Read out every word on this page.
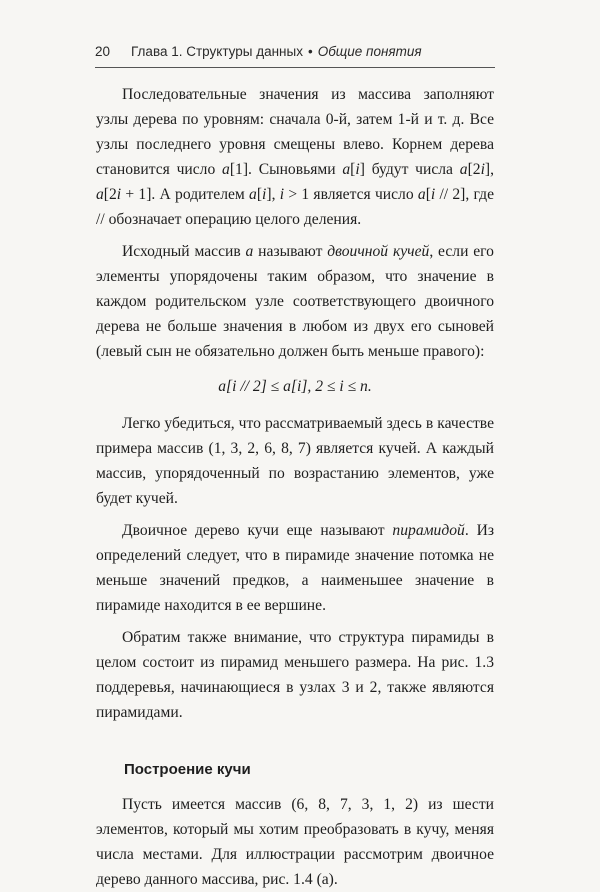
20	Глава 1. Структуры данных • Общие понятия

Последовательные значения из массива заполняют узлы дерева по уровням: сначала 0-й, затем 1-й и т. д. Все узлы последнего уровня смещены влево. Корнем дерева становится число a[1]. Сыновьями a[i] будут числа a[2i], a[2i + 1]. А родителем a[i], i > 1 является число a[i // 2], где // обозначает операцию целого деления.

Исходный массив a называют двоичной кучей, если его элементы упорядочены таким образом, что значение в каждом родительском узле соответствующего двоичного дерева не больше значения в любом из двух его сыновей (левый сын не обязательно должен быть меньше правого):

a[i // 2] ≤ a[i], 2 ≤ i ≤ n.

Легко убедиться, что рассматриваемый здесь в качестве примера массив (1, 3, 2, 6, 8, 7) является кучей. А каждый массив, упорядоченный по возрастанию элементов, уже будет кучей.

Двоичное дерево кучи еще называют пирамидой. Из определений следует, что в пирамиде значение потомка не меньше значений предков, а наименьшее значение в пирамиде находится в ее вершине.

Обратим также внимание, что структура пирамиды в целом состоит из пирамид меньшего размера. На рис. 1.3 поддеревья, начинающиеся в узлах 3 и 2, также являются пирамидами.

Построение кучи

Пусть имеется массив (6, 8, 7, 3, 1, 2) из шести элементов, который мы хотим преобразовать в кучу, меняя числа местами. Для иллюстрации рассмотрим двоичное дерево данного массива, рис. 1.4 (а).
